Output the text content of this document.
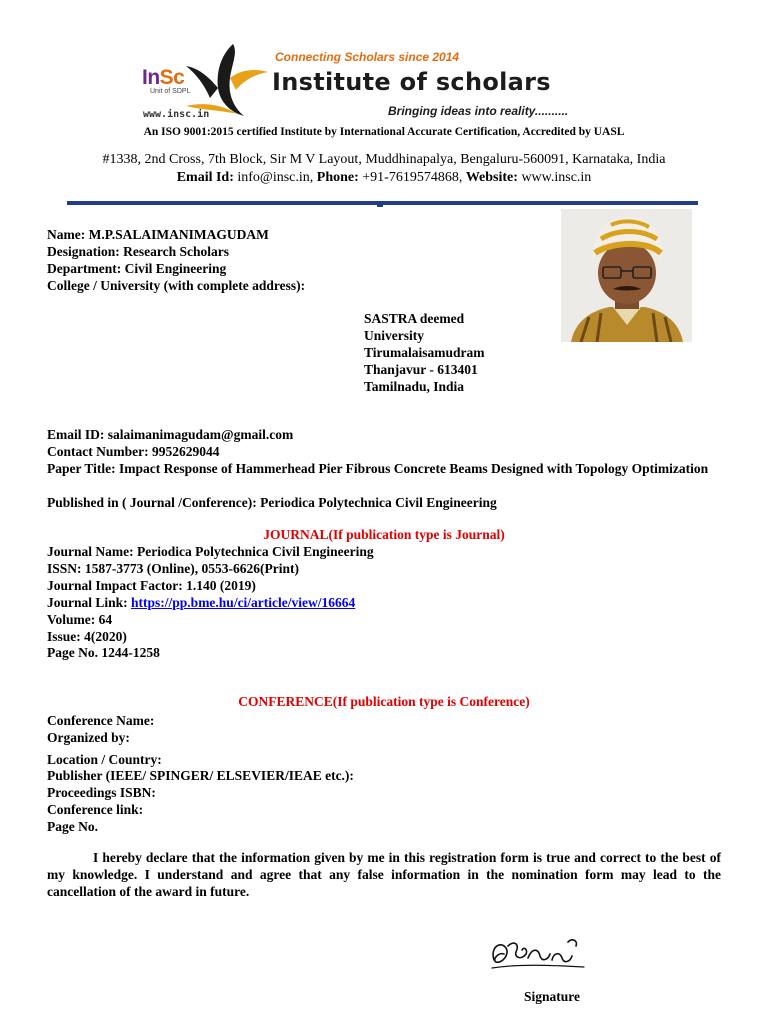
InSc
Unit of SDPL
www.insc.in
Connecting Scholars since 2014
Institute of scholars
Bringing ideas into reality..........
An ISO 9001:2015 certified Institute by International Accurate Certification, Accredited by UASL
#1338, 2nd Cross, 7th Block, Sir M V Layout, Muddhinapalya, Bengaluru-560091, Karnataka, India
Email Id: info@insc.in, Phone: +91-7619574868, Website: www.insc.in
Name: M.P.SALAIMANIMAGUDAM
Designation: Research Scholars
Department: Civil Engineering
College / University (with complete address):
SASTRA deemed
University
Tirumalaisamudram
Thanjavur - 613401
Tamilnadu, India
Email ID: salaimanimagudam@gmail.com
Contact Number: 9952629044
Paper Title: Impact Response of Hammerhead Pier Fibrous Concrete Beams Designed with Topology Optimization
Published in ( Journal /Conference): Periodica Polytechnica Civil Engineering
JOURNAL(If publication type is Journal)
Journal Name: Periodica Polytechnica Civil Engineering
ISSN: 1587-3773 (Online), 0553-6626(Print)
Journal Impact Factor: 1.140 (2019)
Journal Link: https://pp.bme.hu/ci/article/view/16664
Volume: 64
Issue: 4(2020)
Page No. 1244-1258
CONFERENCE(If publication type is Conference)
Conference Name:
Organized by:
Location / Country:
Publisher (IEEE/ SPINGER/ ELSEVIER/IEAE etc.):
Proceedings ISBN:
Conference link:
Page No.
I hereby declare that the information given by me in this registration form is true and correct to the best of my knowledge. I understand and agree that any false information in the nomination form may lead to the cancellation of the award in future.
Signature
